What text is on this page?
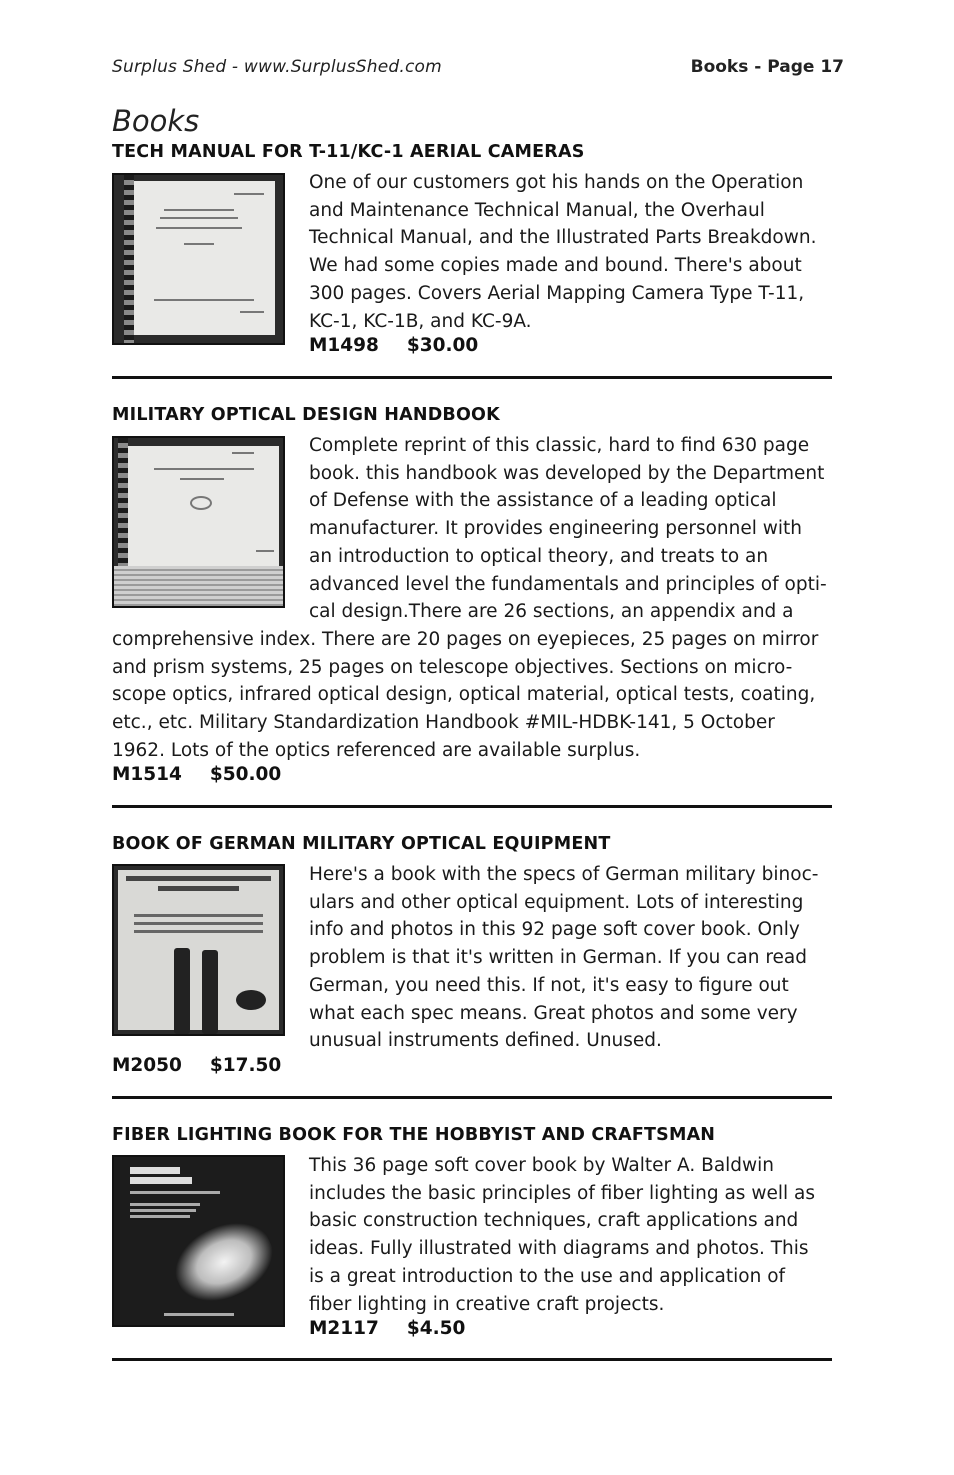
Surplus Shed - www.SurplusShed.com	Books - Page 17
Books
TECH MANUAL FOR T-11/KC-1 AERIAL CAMERAS
One of our customers got his hands on the Operation
and Maintenance Technical Manual, the Overhaul
Technical Manual, and the Illustrated Parts Breakdown.
We had some copies made and bound. There's about
300 pages. Covers Aerial Mapping Camera Type T-11,
KC-1, KC-1B, and KC-9A.
M1498 $30.00
MILITARY OPTICAL DESIGN HANDBOOK
Complete reprint of this classic, hard to find 630 page
book. this handbook was developed by the Department
of Defense with the assistance of a leading optical
manufacturer. It provides engineering personnel with
an introduction to optical theory, and treats to an
advanced level the fundamentals and principles of opti-
cal design.There are 26 sections, an appendix and a
comprehensive index. There are 20 pages on eyepieces, 25 pages on mirror
and prism systems, 25 pages on telescope objectives. Sections on micro-
scope optics, infrared optical design, optical material, optical tests, coating,
etc., etc. Military Standardization Handbook #MIL-HDBK-141, 5 October
1962. Lots of the optics referenced are available surplus.
M1514 $50.00
BOOK OF GERMAN MILITARY OPTICAL EQUIPMENT
Here's a book with the specs of German military binoc-
ulars and other optical equipment. Lots of interesting
info and photos in this 92 page soft cover book. Only
problem is that it's written in German. If you can read
German, you need this. If not, it's easy to figure out
what each spec means. Great photos and some very
unusual instruments defined. Unused.
M2050 $17.50
FIBER LIGHTING BOOK FOR THE HOBBYIST AND CRAFTSMAN
This 36 page soft cover book by Walter A. Baldwin
includes the basic principles of fiber lighting as well as
basic construction techniques, craft applications and
ideas. Fully illustrated with diagrams and photos. This
is a great introduction to the use and application of
fiber lighting in creative craft projects.
M2117 $4.50
